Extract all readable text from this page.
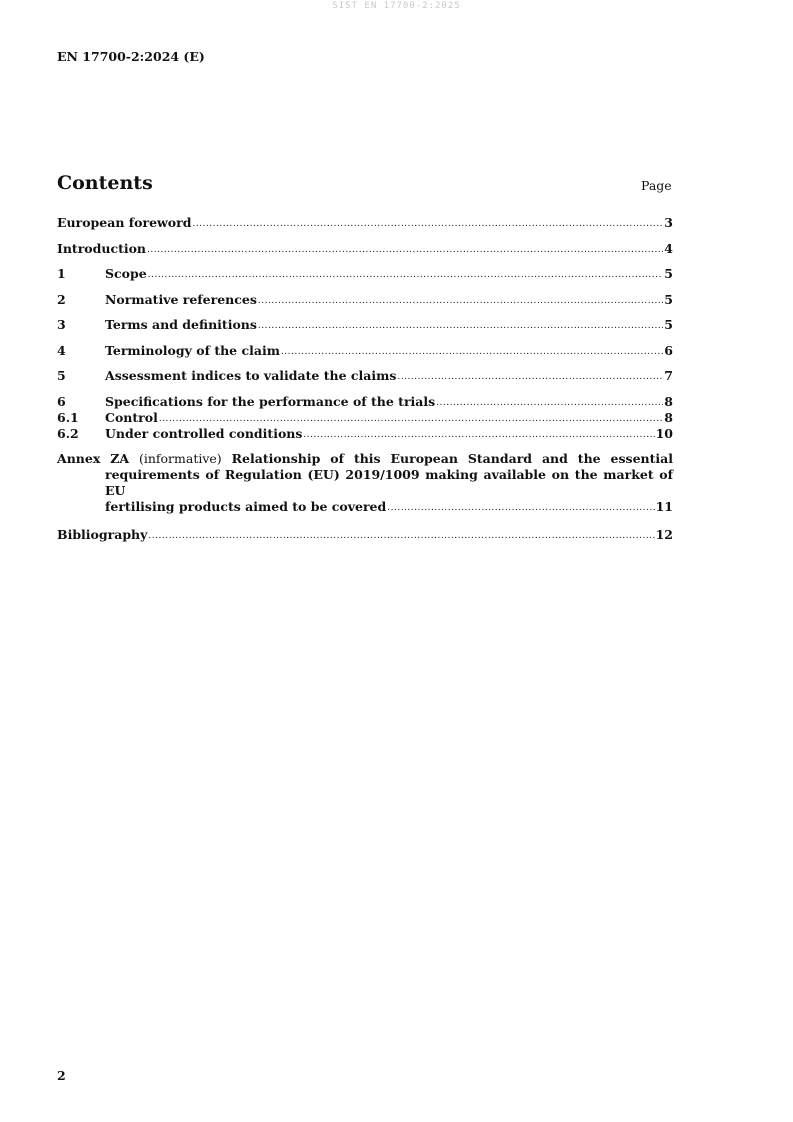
SIST EN 17700-2:2025
EN 17700-2:2024 (E)
Contents	Page
European foreword .....	3
Introduction .....	4
1	Scope .....	5
2	Normative references .....	5
3	Terms and definitions .....	5
4	Terminology of the claim .....	6
5	Assessment indices to validate the claims .....	7
6	Specifications for the performance of the trials .....	8
6.1	Control .....	8
6.2	Under controlled conditions .....	10
Annex ZA (informative) Relationship of this European Standard and the essential
requirements of Regulation (EU) 2019/1009 making available on the market of EU
fertilising products aimed to be covered .....	11
Bibliography .....	12
2
